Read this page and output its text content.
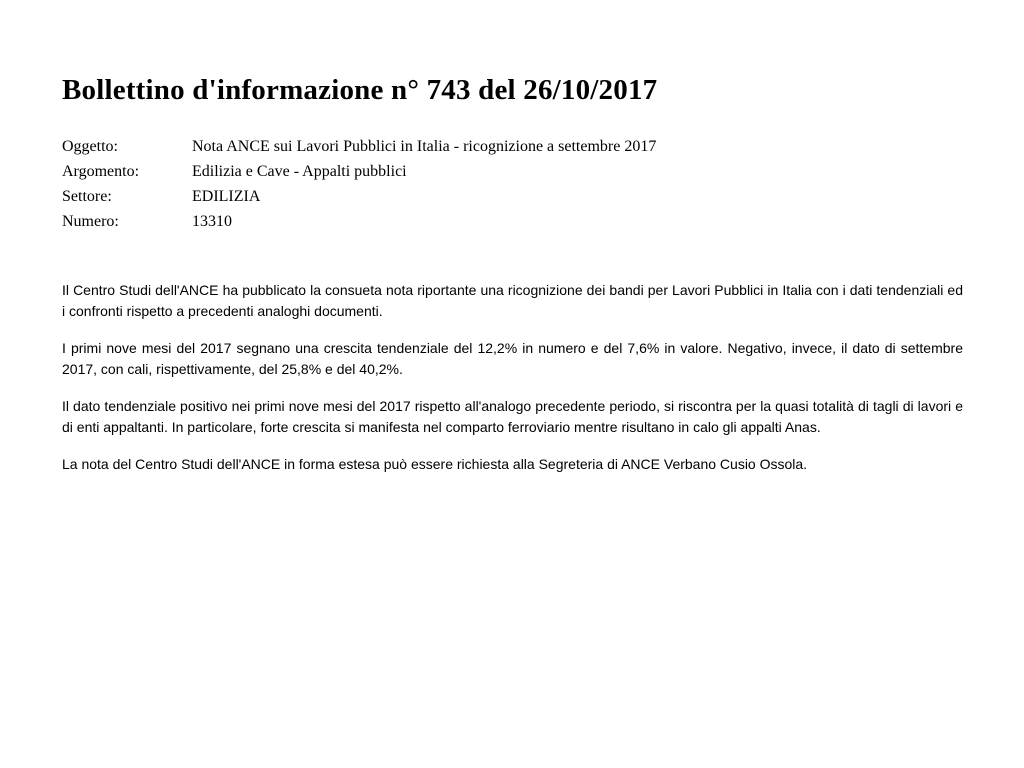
Bollettino d'informazione n° 743 del 26/10/2017
Oggetto:	Nota ANCE sui Lavori Pubblici in Italia - ricognizione a settembre 2017
Argomento:	Edilizia e Cave - Appalti pubblici
Settore:	EDILIZIA
Numero:	13310

Il Centro Studi dell'ANCE ha pubblicato la consueta nota riportante una ricognizione dei bandi per Lavori Pubblici in Italia con i dati tendenziali ed i confronti rispetto a precedenti analoghi documenti.

I primi nove mesi del 2017 segnano una crescita tendenziale del 12,2% in numero e del 7,6% in valore. Negativo, invece, il dato di settembre 2017, con cali, rispettivamente, del 25,8% e del 40,2%.

Il dato tendenziale positivo nei primi nove mesi del 2017 rispetto all'analogo precedente periodo, si riscontra per la quasi totalità di tagli di lavori e di enti appaltanti. In particolare, forte crescita si manifesta nel comparto ferroviario mentre risultano in calo gli appalti Anas.

La nota del Centro Studi dell'ANCE in forma estesa può essere richiesta alla Segreteria di ANCE Verbano Cusio Ossola.
